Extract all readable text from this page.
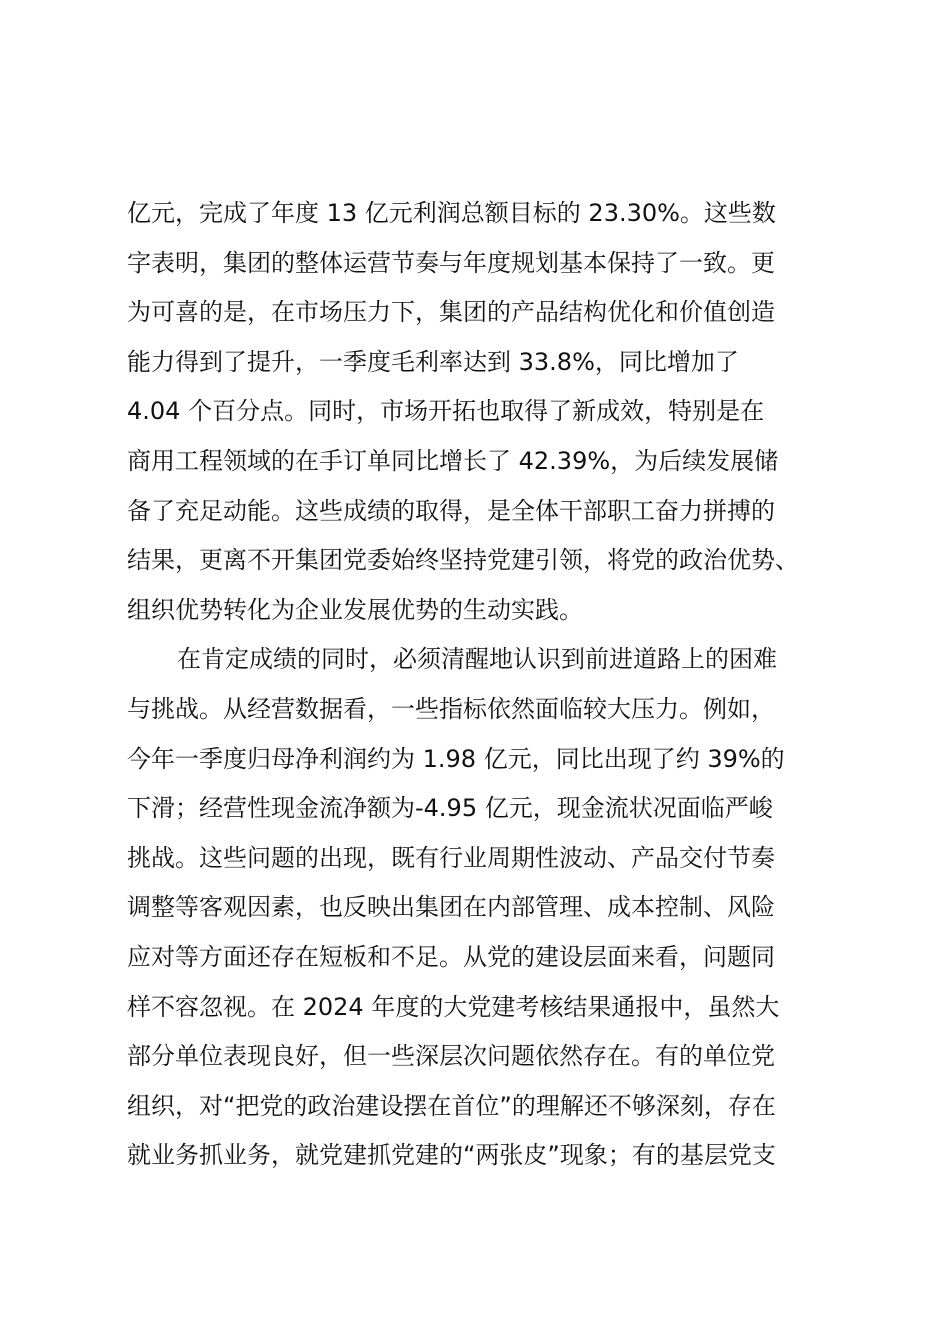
亿元，完成了年度 13 亿元利润总额目标的 23.30%。这些数
字表明，集团的整体运营节奏与年度规划基本保持了一致。更
为可喜的是，在市场压力下，集团的产品结构优化和价值创造
能力得到了提升，一季度毛利率达到 33.8%，同比增加了
4.04 个百分点。同时，市场开拓也取得了新成效，特别是在
商用工程领域的在手订单同比增长了 42.39%，为后续发展储
备了充足动能。这些成绩的取得，是全体干部职工奋力拼搏的
结果，更离不开集团党委始终坚持党建引领，将党的政治优势、
组织优势转化为企业发展优势的生动实践。
在肯定成绩的同时，必须清醒地认识到前进道路上的困难
与挑战。从经营数据看，一些指标依然面临较大压力。例如，
今年一季度归母净利润约为 1.98 亿元，同比出现了约 39%的
下滑；经营性现金流净额为-4.95 亿元，现金流状况面临严峻
挑战。这些问题的出现，既有行业周期性波动、产品交付节奏
调整等客观因素，也反映出集团在内部管理、成本控制、风险
应对等方面还存在短板和不足。从党的建设层面来看，问题同
样不容忽视。在 2024 年度的大党建考核结果通报中，虽然大
部分单位表现良好，但一些深层次问题依然存在。有的单位党
组织，对“把党的政治建设摆在首位”的理解还不够深刻，存在
就业务抓业务，就党建抓党建的“两张皮”现象；有的基层党支
